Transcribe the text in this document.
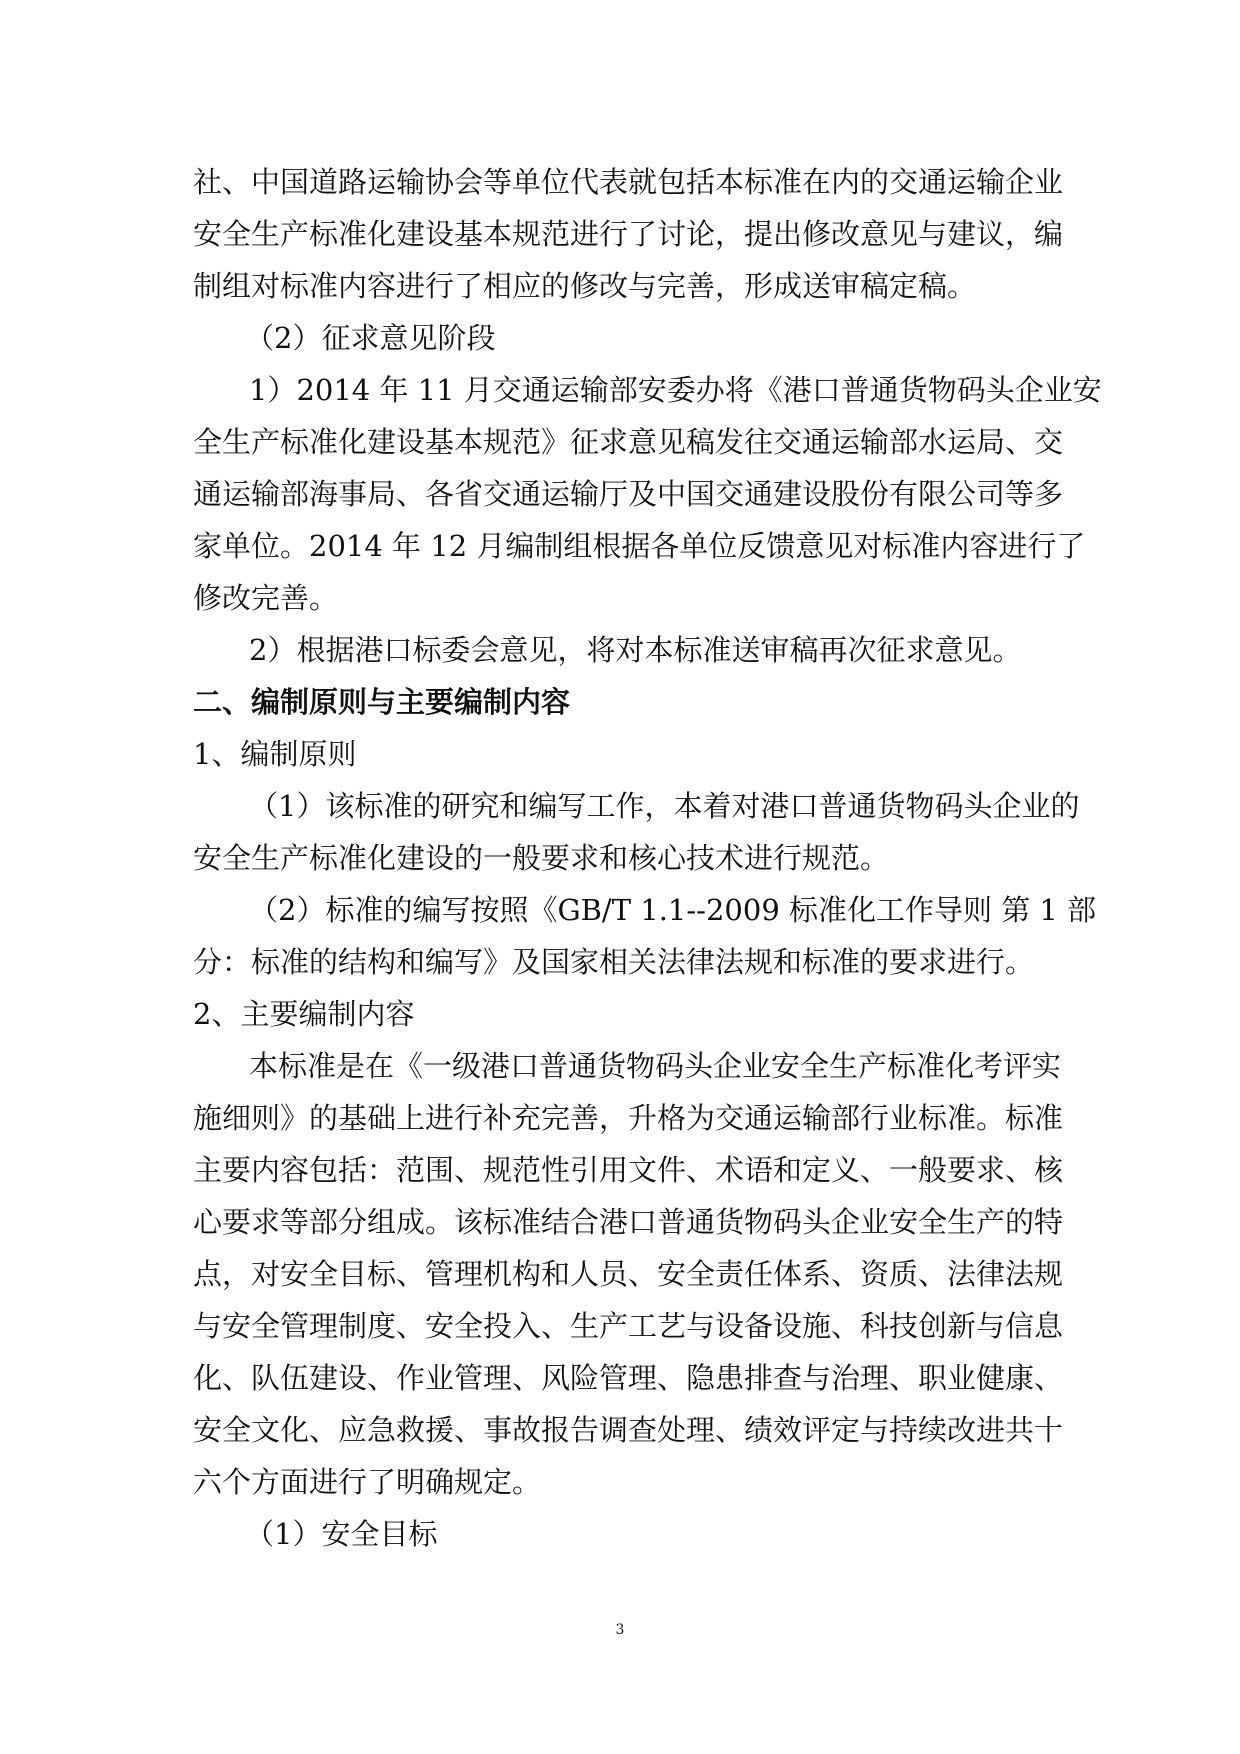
社、中国道路运输协会等单位代表就包括本标准在内的交通运输企业
安全生产标准化建设基本规范进行了讨论，提出修改意见与建议，编
制组对标准内容进行了相应的修改与完善，形成送审稿定稿。
（2）征求意见阶段
1）2014 年 11 月交通运输部安委办将《港口普通货物码头企业安
全生产标准化建设基本规范》征求意见稿发往交通运输部水运局、交
通运输部海事局、各省交通运输厅及中国交通建设股份有限公司等多
家单位。2014 年 12 月编制组根据各单位反馈意见对标准内容进行了
修改完善。
2）根据港口标委会意见，将对本标准送审稿再次征求意见。
二、编制原则与主要编制内容
1、编制原则
（1）该标准的研究和编写工作，本着对港口普通货物码头企业的
安全生产标准化建设的一般要求和核心技术进行规范。
（2）标准的编写按照《GB/T 1.1--2009 标准化工作导则 第 1 部
分：标准的结构和编写》及国家相关法律法规和标准的要求进行。
2、主要编制内容
本标准是在《一级港口普通货物码头企业安全生产标准化考评实
施细则》的基础上进行补充完善，升格为交通运输部行业标准。标准
主要内容包括：范围、规范性引用文件、术语和定义、一般要求、核
心要求等部分组成。该标准结合港口普通货物码头企业安全生产的特
点，对安全目标、管理机构和人员、安全责任体系、资质、法律法规
与安全管理制度、安全投入、生产工艺与设备设施、科技创新与信息
化、队伍建设、作业管理、风险管理、隐患排查与治理、职业健康、
安全文化、应急救援、事故报告调查处理、绩效评定与持续改进共十
六个方面进行了明确规定。
（1）安全目标
3
